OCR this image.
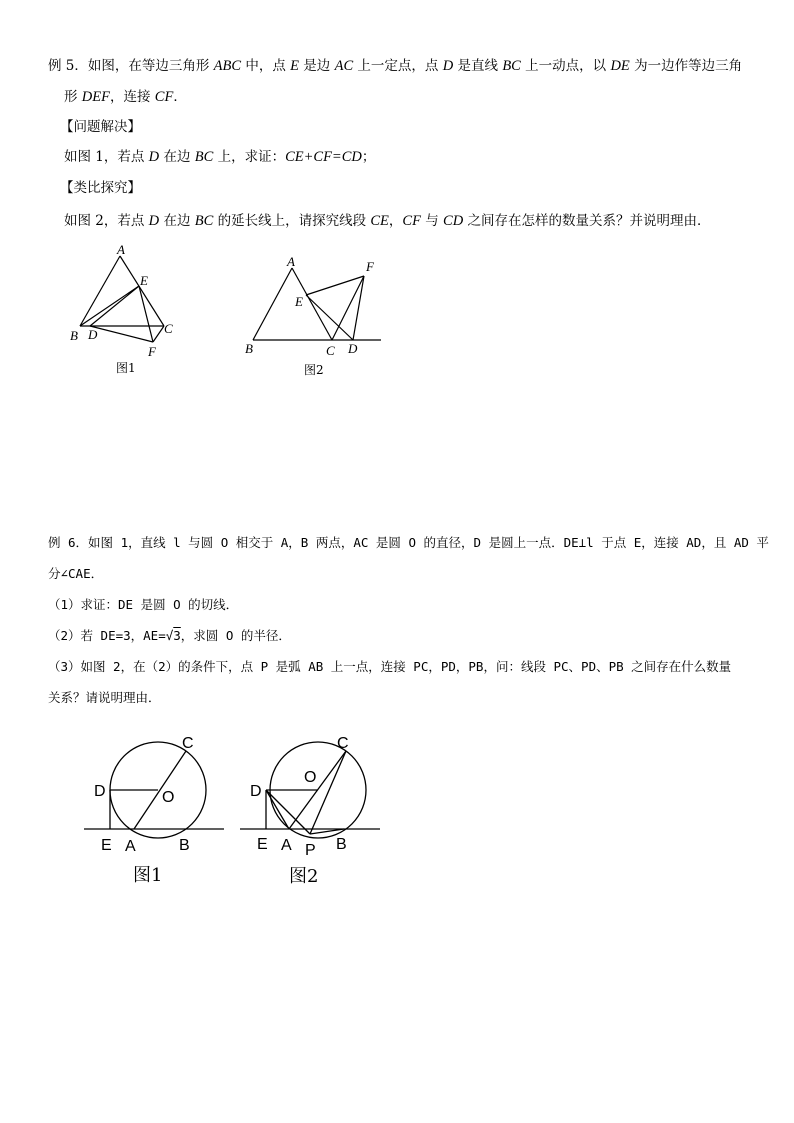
例 5．如图，在等边三角形 ABC 中，点 E 是边 AC 上一定点，点 D 是直线 BC 上一动点，以 DE 为一边作等边三角
形 DEF，连接 CF．
【问题解决】
如图 1，若点 D 在边 BC 上，求证：CE+CF=CD；
【类比探究】
如图 2，若点 D 在边 BC 的延长线上，请探究线段 CE，CF 与 CD 之间存在怎样的数量关系？并说明理由．
A
E
C
B D
F
图1
A	F
E
B	C D
图2
例 6．如图 1，直线 l 与圆 O 相交于 A，B 两点，AC 是圆 O 的直径，D 是圆上一点．DE⊥l 于点 E，连接 AD，且 AD 平
分∠CAE．
（1）求证：DE 是圆 O 的切线．
（2）若 DE=3，AE=√3，求圆 O 的半径．
（3）如图 2，在（2）的条件下，点 P 是弧 AB 上一点，连接 PC，PD，PB，问：线段 PC、PD、PB 之间存在什么数量
关系？请说明理由．
C
D	O
E A	B
图1
C
D
O
E A P B
图2
